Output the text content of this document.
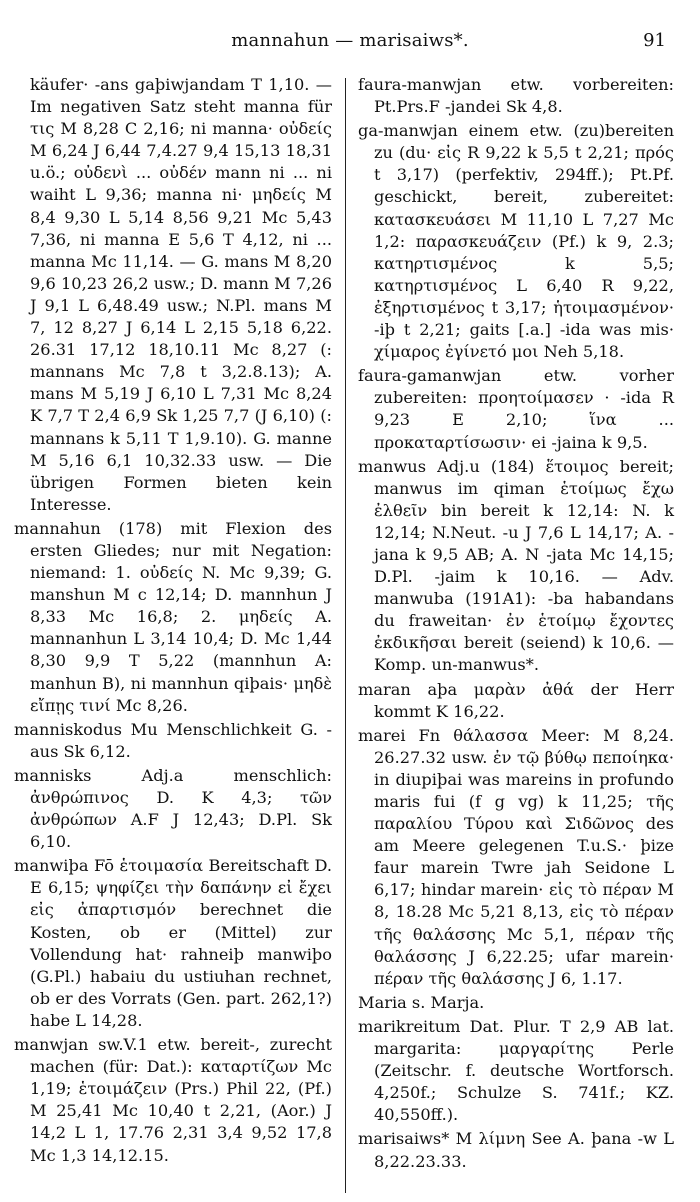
mannahun — marisaiws*.	91

käufer· -ans gaþiwjandam T 1,10. — Im negativen Satz steht manna für τις M 8,28 C 2,16; ni manna· οὐδείς M 6,24 J 6,44 7,4.27 9,4 15,13 18,31 u.ö.; οὐδενὶ ... οὐδέν mann ni ... ni waiht L 9,36; manna ni· μηδείς M 8,4 9,30 L 5,14 8,56 9,21 Mc 5,43 7,36, ni manna E 5,6 T 4,12, ni ... manna Mc 11,14. — G. mans M 8,20 9,6 10,23 26,2 usw.; D. mann M 7,26 J 9,1 L 6,48.49 usw.; N.Pl. mans M 7, 12 8,27 J 6,14 L 2,15 5,18 6,22. 26.31 17,12 18,10.11 Mc 8,27 (: mannans Mc 7,8 t 3,2.8.13); A. mans M 5,19 J 6,10 L 7,31 Mc 8,24 K 7,7 T 2,4 6,9 Sk 1,25 7,7 (J 6,10) (: mannans k 5,11 T 1,9.10). G. manne M 5,16 6,1 10,32.33 usw. — Die übrigen Formen bieten kein Interesse.

mannahun (178) mit Flexion des ersten Gliedes; nur mit Negation: niemand: 1. οὐδείς N. Mc 9,39; G. manshun M c 12,14; D. mannhun J 8,33 Mc 16,8; 2. μηδείς A. mannanhun L 3,14 10,4; D. Mc 1,44 8,30 9,9 T 5,22 (mannhun A: manhun B), ni mannhun qiþais· μηδὲ εἴπῃς τινί Mc 8,26.

manniskodus Mu Menschlichkeit G. -aus Sk 6,12.

mannisks Adj.a menschlich: ἀνθρώπινος D. K 4,3; τῶν ἀνθρώπων A.F J 12,43; D.Pl. Sk 6,10.

manwiþa Fō ἑτοιμασία Bereitschaft D. E 6,15; ψηφίζει τὴν δαπάνην εἰ ἔχει εἰς ἀπαρτισμόν berechnet die Kosten, ob er (Mittel) zur Vollendung hat· rahneiþ manwiþo (G.Pl.) habaiu du ustiuhan rechnet, ob er des Vorrats (Gen. part. 262,1?) habe L 14,28.

manwjan sw.V.1 etw. bereit-, zurecht machen (für: Dat.): καταρτίζων Mc 1,19; ἑτοιμάζειν (Prs.) Phil 22, (Pf.) M 25,41 Mc 10,40 t 2,21, (Aor.) J 14,2 L 1, 17.76 2,31 3,4 9,52 17,8 Mc 1,3 14,12.15.

faura-manwjan etw. vorbereiten: Pt.Prs.F -jandei Sk 4,8.

ga-manwjan einem etw. (zu)bereiten zu (du· εἰς R 9,22 k 5,5 t 2,21; πρός t 3,17) (perfektiv, 294ff.); Pt.Pf. geschickt, bereit, zubereitet: κατασκευάσει M 11,10 L 7,27 Mc 1,2: παρασκευάζειν (Pf.) k 9, 2.3; κατηρτισμένος k 5,5; κατηρτισμένος L 6,40 R 9,22, ἐξηρτισμένος t 3,17; ἡτοιμασμένον· -iþ t 2,21; gaits [.a.] -ida was mis· χίμαρος ἐγίνετό μοι Neh 5,18.

faura-gamanwjan etw. vorher zubereiten: προητοίμασεν · -ida R 9,23 E 2,10; ἵνα ... προκαταρτίσωσιν· ei -jaina k 9,5.

manwus Adj.u (184) ἕτοιμος bereit; manwus im qiman ἑτοίμως ἔχω ἐλθεῖν bin bereit k 12,14: N. k 12,14; N.Neut. -u J 7,6 L 14,17; A. -jana k 9,5 AB; A. N -jata Mc 14,15; D.Pl. -jaim k 10,16. — Adv. manwuba (191A1): -ba habandans du fraweitan· ἐν ἑτοίμῳ ἔχοντες ἐκδικῆσαι bereit (seiend) k 10,6. — Komp. un-manwus*.

maran aþa μαρὰν ἀθά der Herr kommt K 16,22.

marei Fn θάλασσα Meer: M 8,24. 26.27.32 usw. ἐν τῷ βύθῳ πεποίηκα· in diupiþai was mareins in profundo maris fui (f g vg) k 11,25; τῆς παραλίου Τύρου καὶ Σιδῶνος des am Meere gelegenen T.u.S.· þize faur marein Twre jah Seidone L 6,17; hindar marein· εἰς τὸ πέραν M 8, 18.28 Mc 5,21 8,13, εἰς τὸ πέραν τῆς θαλάσσης Mc 5,1, πέραν τῆς θαλάσσης J 6,22.25; ufar marein· πέραν τῆς θαλάσσης J 6, 1.17.

Maria s. Marja.

marikreitum Dat. Plur. T 2,9 AB lat. margarita: μαργαρίτης Perle (Zeitschr. f. deutsche Wortforsch. 4,250f.; Schulze S. 741f.; KZ. 40,550ff.).

marisaiws* M λίμνη See A. þana -w L 8,22.23.33.
